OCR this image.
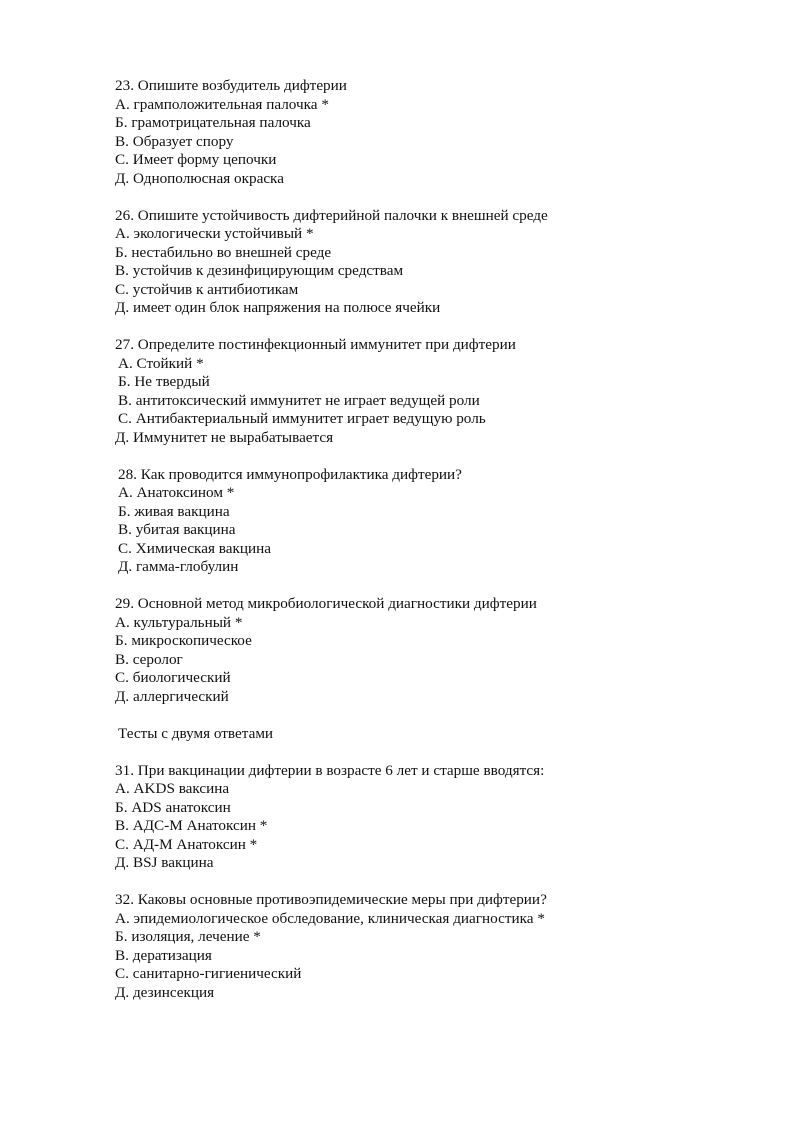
23. Опишите возбудитель дифтерии

А. грамположительная палочка *

Б. грамотрицательная палочка

В. Образует спору

С. Имеет форму цепочки

Д. Однополюсная окраска

26. Опишите устойчивость дифтерийной палочки к внешней среде

А. экологически устойчивый *

Б. нестабильно во внешней среде

В. устойчив к дезинфицирующим средствам

С. устойчив к антибиотикам

Д. имеет один блок напряжения на полюсе ячейки

27. Определите постинфекционный иммунитет при дифтерии

А. Стойкий *

Б. Не твердый

В. антитоксический иммунитет не играет ведущей роли

С. Антибактериальный иммунитет играет ведущую роль

Д. Иммунитет не вырабатывается

28. Как проводится иммунопрофилактика дифтерии?

А. Анатоксином *

Б. живая вакцина

В. убитая вакцина

С. Химическая вакцина

Д. гамма-глобулин

29. Основной метод микробиологической диагностики дифтерии

А. культуральный *

Б. микроскопическое

В. серолог

С. биологический

Д. аллергический

Тесты с двумя ответами

31. При вакцинации дифтерии в возрасте 6 лет и старше вводятся:

А. AKDS ваксина

Б. ADS анатоксин

В. АДС-М Анатоксин *

С. АД-М Анатоксин *

Д. BSJ вакцина

32. Каковы основные противоэпидемические меры при дифтерии?

А. эпидемиологическое обследование, клиническая диагностика *

Б. изоляция, лечение *

В. дератизация

С. санитарно-гигиенический

Д. дезинсекция
